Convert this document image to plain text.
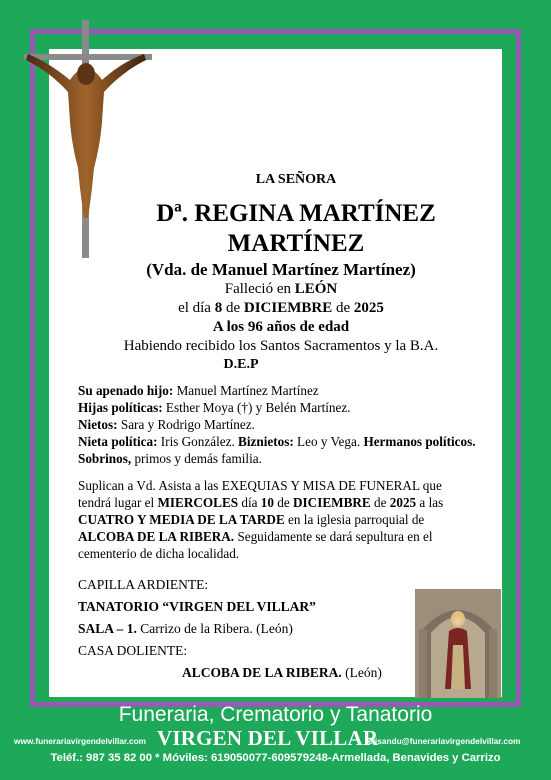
LA SEÑORA
Dª. REGINA MARTÍNEZ
MARTÍNEZ
(Vda. de Manuel Martínez Martínez)
Falleció en LEÓN
el día 8 de DICIEMBRE de 2025
A los 96 años de edad
Habiendo recibido los Santos Sacramentos y la B.A.
D.E.P

Su apenado hijo: Manuel Martínez Martínez

Hijas políticas: Esther Moya (†) y Belén Martínez.

Nietos: Sara y Rodrigo Martínez.

Nieta política: Iris González. Biznietos: Leo y Vega. Hermanos políticos. Sobrinos, primos y demás familia.

Suplican a Vd. Asista a las EXEQUIAS Y MISA DE FUNERAL que tendrá lugar el MIERCOLES día 10 de DICIEMBRE de 2025 a las CUATRO Y MEDIA DE LA TARDE en la iglesia parroquial de ALCOBA DE LA RIBERA. Seguidamente se dará sepultura en el cementerio de dicha localidad.
CAPILLA ARDIENTE:
TANATORIO “VIRGEN DEL VILLAR”
SALA – 1. Carrizo de la Ribera. (León)
CASA DOLIENTE:
ALCOBA DE LA RIBERA. (León)
Funeraria, Crematorio y Tanatorio
www.funerariavirgendelvillar.com VIRGEN DEL VILLAR
elisandu@funerariavirgendelvillar.com
Teléf.: 987 35 82 00 * Móviles: 619050077-609579248-Armellada, Benavides y Carrizo
